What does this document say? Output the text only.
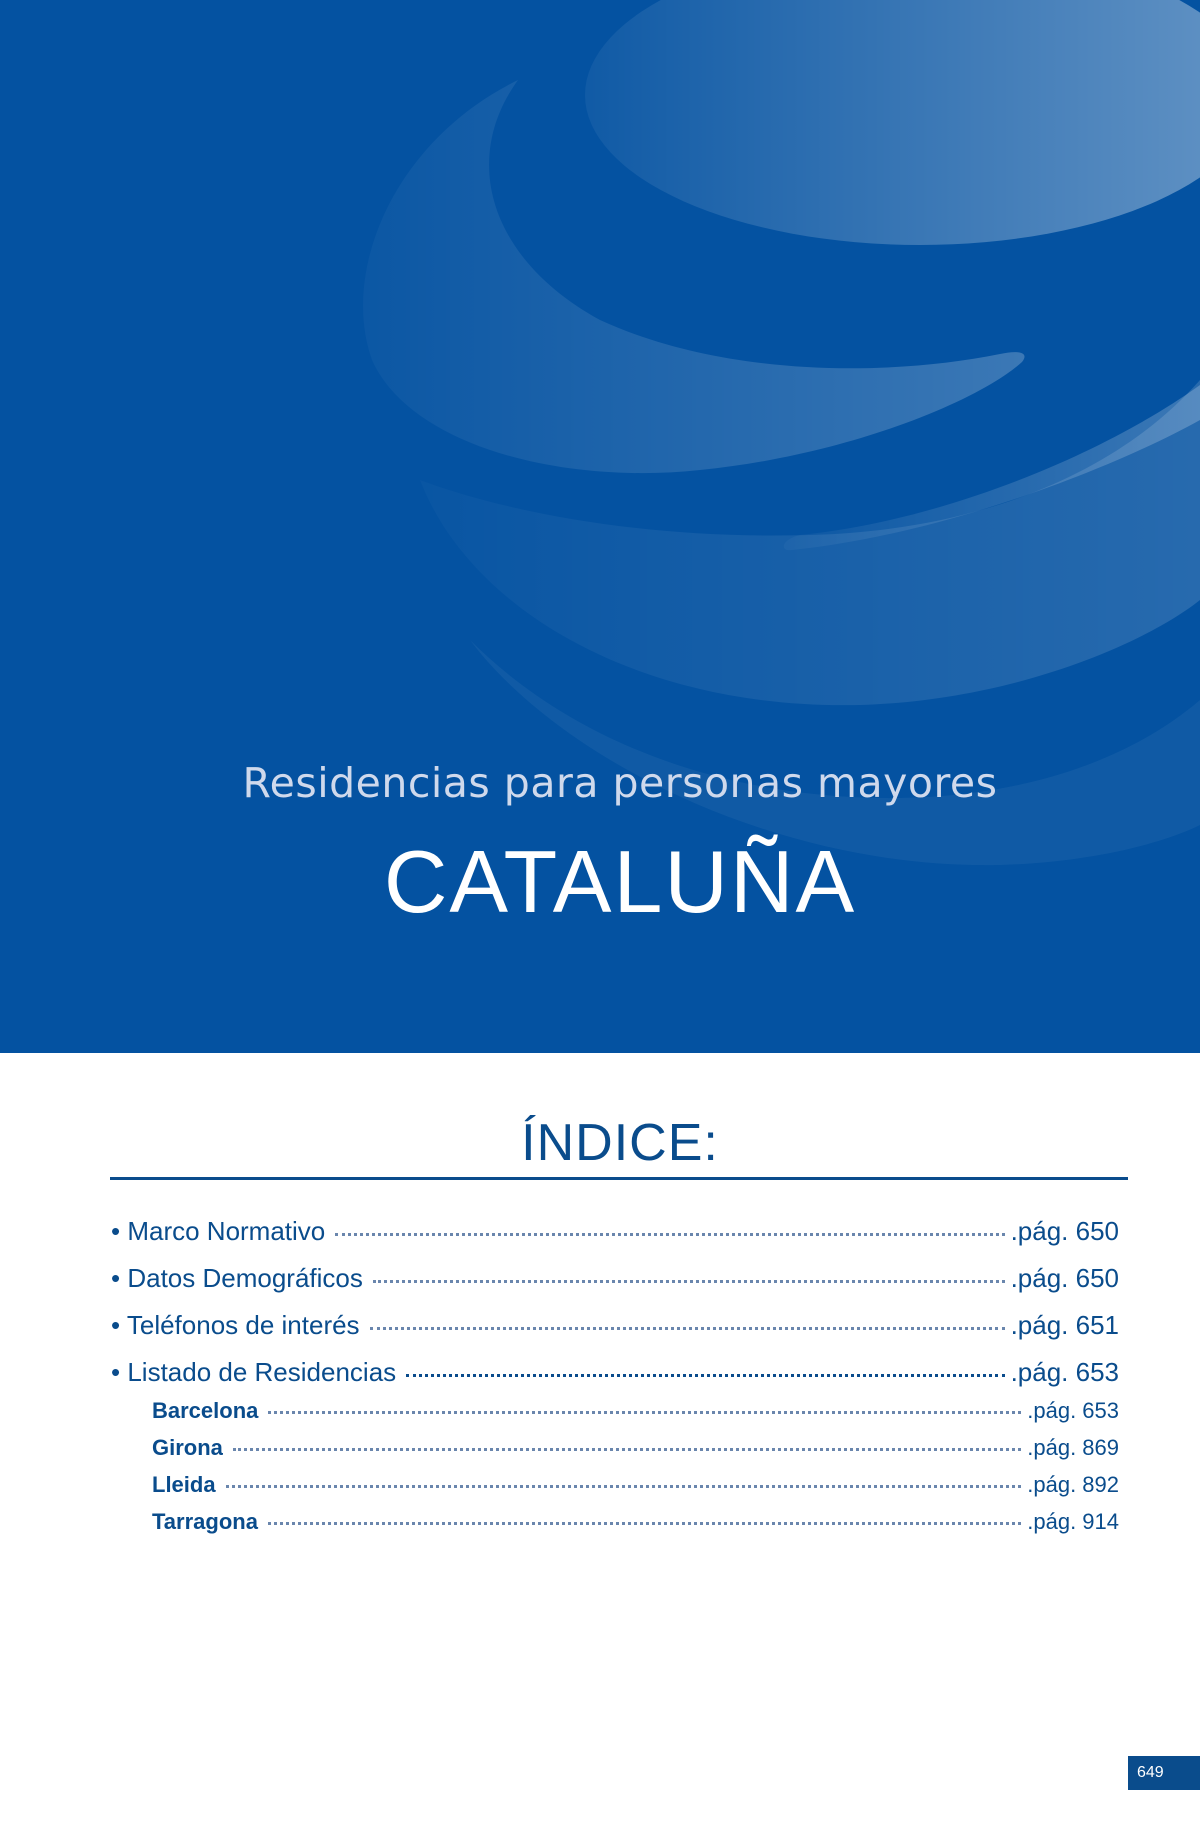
Residencias para personas mayores
CATALUÑA
ÍNDICE:
• Marco Normativo	.pág. 650
• Datos Demográficos	.pág. 650
• Teléfonos de interés	.pág. 651
• Listado de Residencias	.pág. 653
Barcelona	.pág. 653
Girona	.pág. 869
Lleida	.pág. 892
Tarragona	.pág. 914
649
